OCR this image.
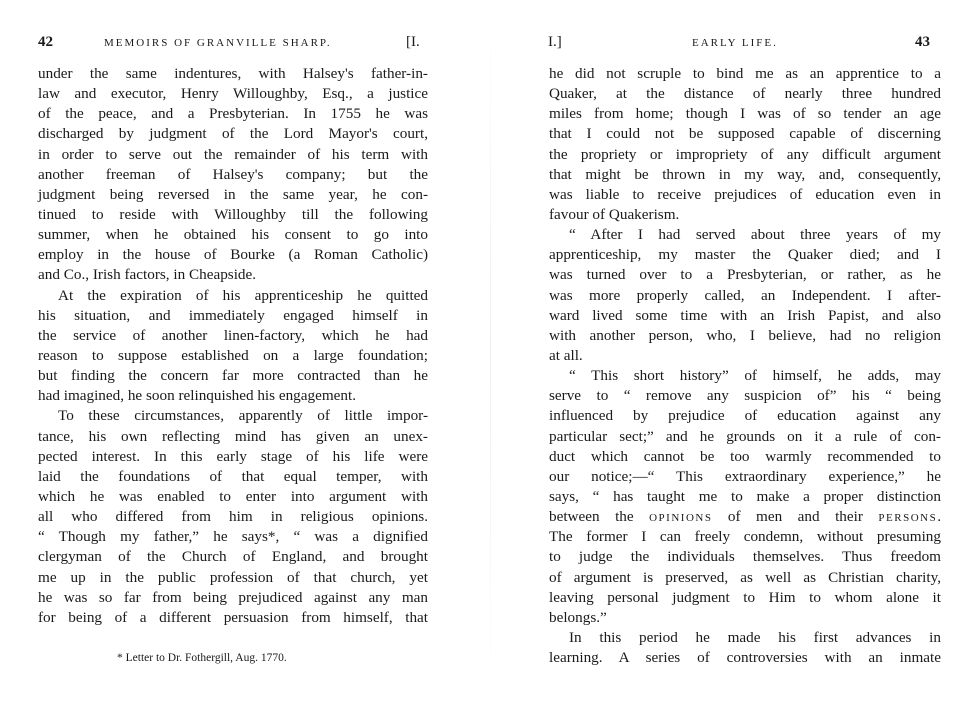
42	MEMOIRS OF GRANVILLE SHARP.	[I.
under the same indentures, with Halsey's father-in-
law and executor, Henry Willoughby, Esq., a justice
of the peace, and a Presbyterian. In 1755 he was
discharged by judgment of the Lord Mayor's court,
in order to serve out the remainder of his term with
another freeman of Halsey's company; but the
judgment being reversed in the same year, he con-
tinued to reside with Willoughby till the following
summer, when he obtained his consent to go into
employ in the house of Bourke (a Roman Catholic)
and Co., Irish factors, in Cheapside.
At the expiration of his apprenticeship he quitted
his situation, and immediately engaged himself in
the service of another linen-factory, which he had
reason to suppose established on a large foundation;
but finding the concern far more contracted than he
had imagined, he soon relinquished his engagement.
To these circumstances, apparently of little impor-
tance, his own reflecting mind has given an unex-
pected interest. In this early stage of his life were
laid the foundations of that equal temper, with
which he was enabled to enter into argument with
all who differed from him in religious opinions.
“ Though my father,” he says*, “ was a dignified
clergyman of the Church of England, and brought
me up in the public profession of that church, yet
he was so far from being prejudiced against any man
for being of a different persuasion from himself, that
* Letter to Dr. Fothergill, Aug. 1770.
I.]	EARLY LIFE.	43
he did not scruple to bind me as an apprentice to a
Quaker, at the distance of nearly three hundred
miles from home; though I was of so tender an age
that I could not be supposed capable of discerning
the propriety or impropriety of any difficult argument
that might be thrown in my way, and, consequently,
was liable to receive prejudices of education even in
favour of Quakerism.
“ After I had served about three years of my
apprenticeship, my master the Quaker died; and I
was turned over to a Presbyterian, or rather, as he
was more properly called, an Independent. I after-
ward lived some time with an Irish Papist, and also
with another person, who, I believe, had no religion
at all.
“ This short history” of himself, he adds, may
serve to “ remove any suspicion of” his “ being
influenced by prejudice of education against any
particular sect;” and he grounds on it a rule of con-
duct which cannot be too warmly recommended to
our notice;—“ This extraordinary experience,” he
says, “ has taught me to make a proper distinction
between the OPINIONS of men and their PERSONS.
The former I can freely condemn, without presuming
to judge the individuals themselves. Thus freedom
of argument is preserved, as well as Christian charity,
leaving personal judgment to Him to whom alone it
belongs.”
In this period he made his first advances in
learning. A series of controversies with an inmate
